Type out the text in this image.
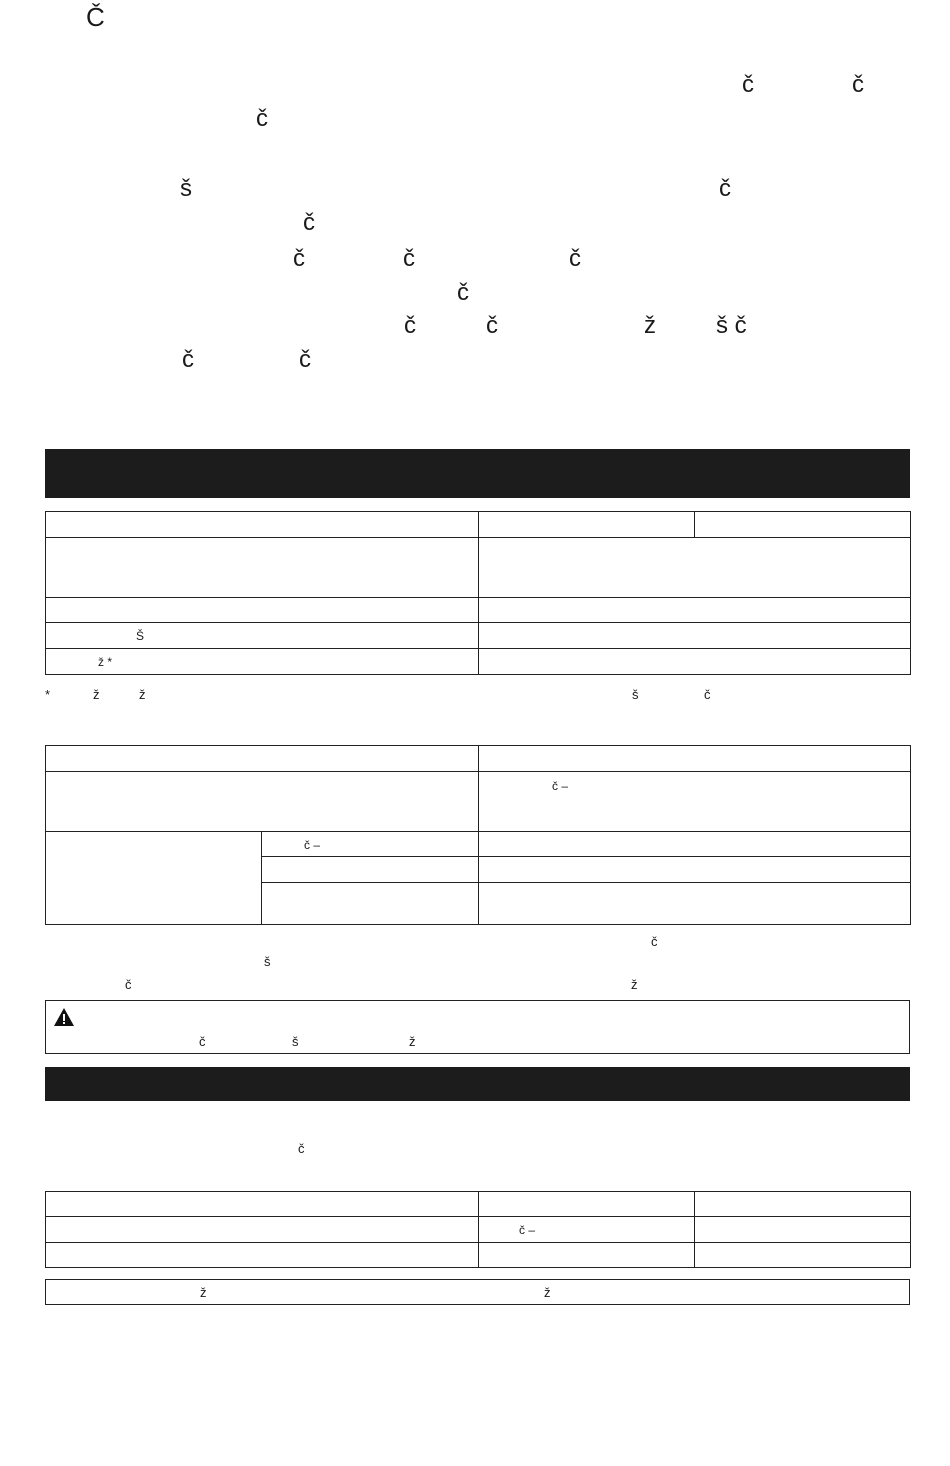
Č
č	č
č
š	č
č
č	č	č
č
č	č	ž	š č
č	č

Š		

ž *		

*	ž	ž	š	č

		č –

	č –	

č
š
č	ž
č	š	ž
č

	č –	

ž	ž
